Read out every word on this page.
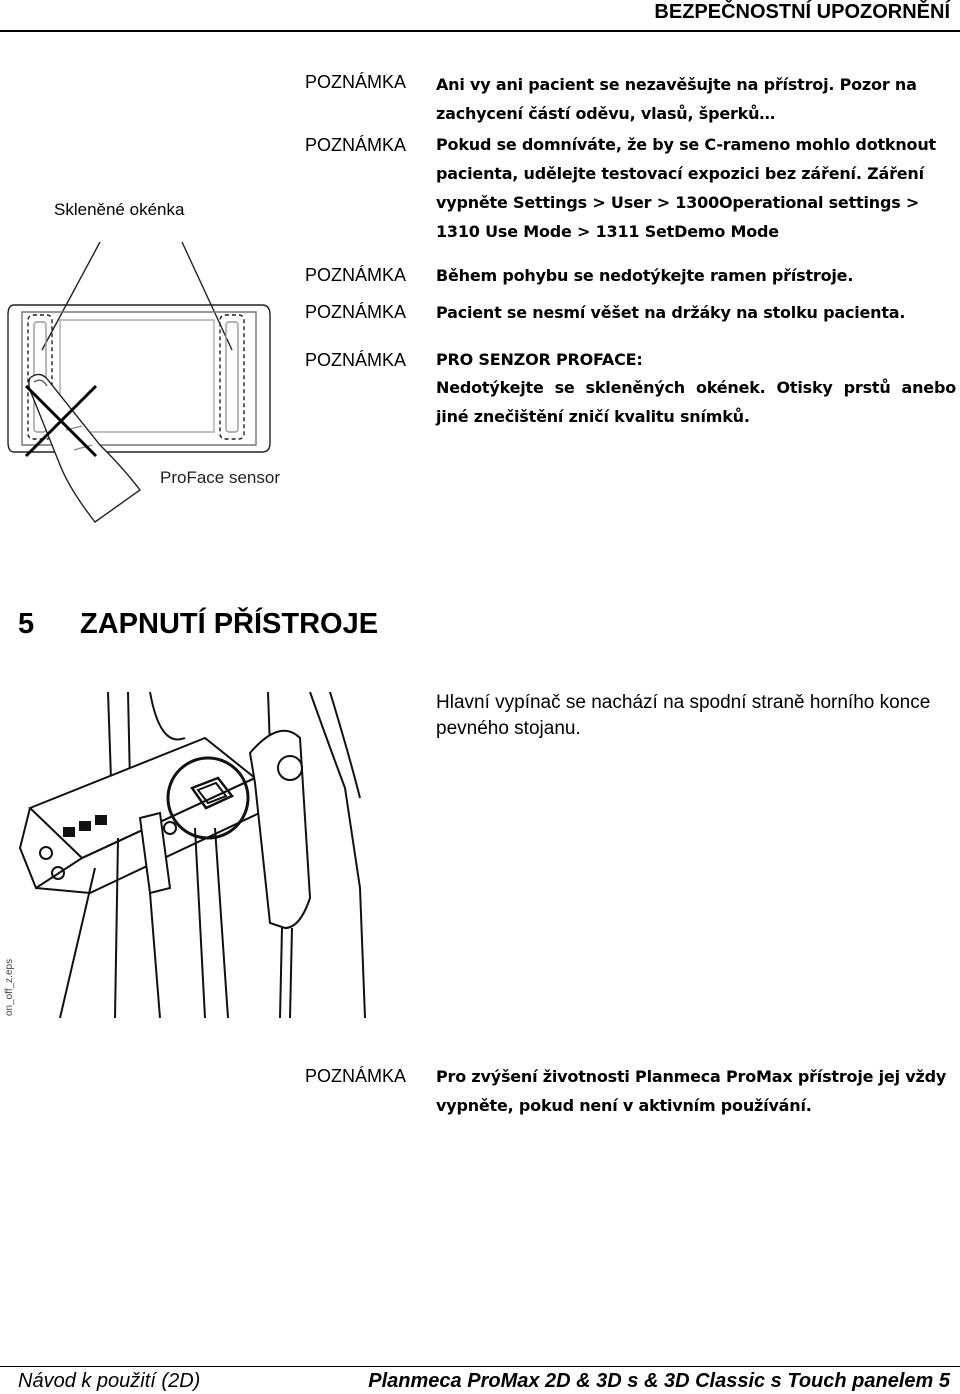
BEZPEČNOSTNÍ UPOZORNĚNÍ
POZNÁMKA	Ani vy ani pacient se nezavěšujte na přístroj. Pozor na zachycení částí oděvu, vlasů, šperků…
POZNÁMKA	Pokud se domníváte, že by se C-rameno mohlo dotknout pacienta, udělejte testovací expozici bez záření. Záření vypněte Settings > User > 1300Operational settings > 1310 Use Mode > 1311 SetDemo Mode
POZNÁMKA	Během pohybu se nedotýkejte ramen přístroje.
POZNÁMKA	Pacient se nesmí věšet na držáky na stolku pacienta.
POZNÁMKA	PRO SENZOR PROFACE:
Nedotýkejte se skleněných okének. Otisky prstů anebo jiné znečištění zničí kvalitu snímků.
Skleněné okénka
ProFace sensor
5 ZAPNUTÍ PŘÍSTROJE
Hlavní vypínač se nachází na spodní straně horního konce pevného stojanu.
on_off_z.eps
POZNÁMKA	Pro zvýšení životnosti Planmeca ProMax přístroje jej vždy vypněte, pokud není v aktivním používání.
Návod k použití (2D)	Planmeca ProMax 2D & 3D s & 3D Classic s Touch panelem 5
